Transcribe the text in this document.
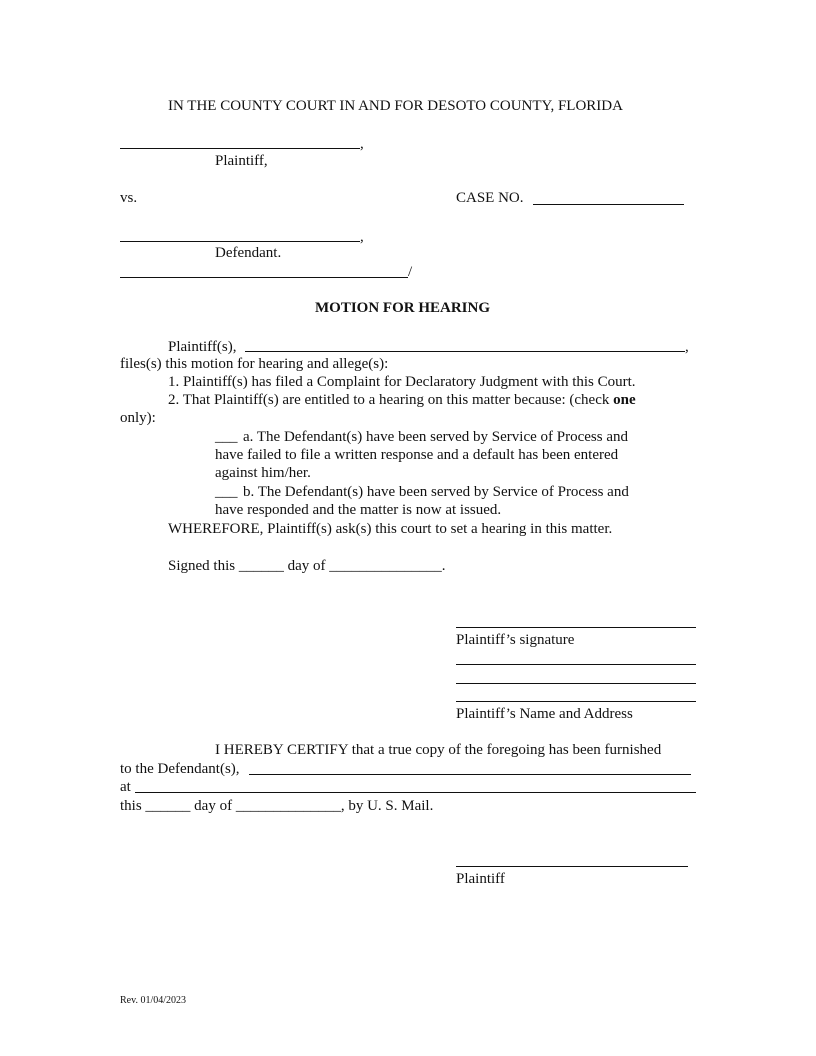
IN THE COUNTY COURT IN AND FOR DESOTO COUNTY, FLORIDA
,
Plaintiff,
vs.	CASE NO.
,
Defendant.
/
MOTION FOR HEARING
Plaintiff(s),	,
files(s) this motion for hearing and allege(s):
1. Plaintiff(s) has filed a Complaint for Declaratory Judgment with this Court.
2. That Plaintiff(s) are entitled to a hearing on this matter because: (check one
only):
___ a. The Defendant(s) have been served by Service of Process and
have failed to file a written response and a default has been entered
against him/her.
___ b. The Defendant(s) have been served by Service of Process and
have responded and the matter is now at issued.
WHEREFORE, Plaintiff(s) ask(s) this court to set a hearing in this matter.
Signed this ______ day of _______________.
Plaintiff’s signature
Plaintiff’s Name and Address
I HEREBY CERTIFY that a true copy of the foregoing has been furnished
to the Defendant(s),
at
this ______ day of ______________, by U. S. Mail.
Plaintiff
Rev. 01/04/2023
